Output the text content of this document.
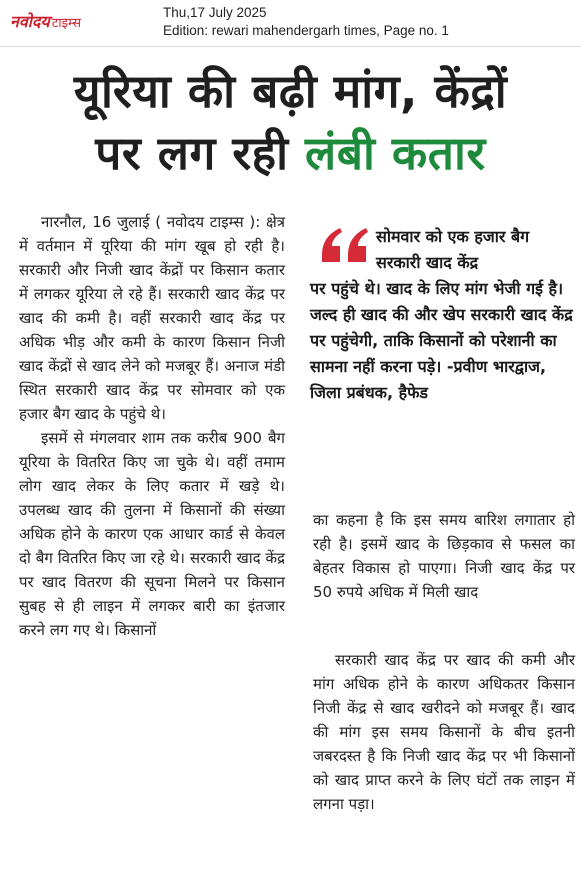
नवोदय टाइम्स
Thu,17 July 2025
Edition: rewari mahendergarh times, Page no. 1
यूरिया की बढ़ी मांग, केंद्रों
पर लग रही लंबी कतार

नारनौल, 16 जुलाई ( नवोदय टाइम्स ): क्षेत्र में वर्तमान में यूरिया की मांग खूब हो रही है। सरकारी और निजी खाद केंद्रों पर किसान कतार में लगकर यूरिया ले रहे हैं। सरकारी खाद केंद्र पर खाद की कमी है। वहीं सरकारी खाद केंद्र पर अधिक भीड़ और कमी के कारण किसान निजी खाद केंद्रों से खाद लेने को मजबूर हैं। अनाज मंडी स्थित सरकारी खाद केंद्र पर सोमवार को एक हजार बैग खाद के पहुंचे थे।

इसमें से मंगलवार शाम तक करीब 900 बैग यूरिया के वितरित किए जा चुके थे। वहीं तमाम लोग खाद लेकर के लिए कतार में खड़े थे। उपलब्ध खाद की तुलना में किसानों की संख्या अधिक होने के कारण एक आधार कार्ड से केवल दो बैग वितरित किए जा रहे थे। सरकारी खाद केंद्र पर खाद वितरण की सूचना मिलने पर किसान सुबह से ही लाइन में लगकर बारी का इंतजार करने लग गए थे। किसानों

सोमवार को एक हजार बैग सरकारी खाद केंद्र
पर पहुंचे थे। खाद के लिए मांग भेजी गई है। जल्द ही खाद की और खेप सरकारी खाद केंद्र पर पहुंचेगी, ताकि किसानों को परेशानी का सामना नहीं करना पड़े। -प्रवीण भारद्वाज, जिला प्रबंधक, हैफेड

का कहना है कि इस समय बारिश लगातार हो रही है। इसमें खाद के छिड़काव से फसल का बेहतर विकास हो पाएगा। निजी खाद केंद्र पर 50 रुपये अधिक में मिली खाद

सरकारी खाद केंद्र पर खाद की कमी और मांग अधिक होने के कारण अधिकतर किसान निजी केंद्र से खाद खरीदने को मजबूर हैं। खाद की मांग इस समय किसानों के बीच इतनी जबरदस्त है कि निजी खाद केंद्र पर भी किसानों को खाद प्राप्त करने के लिए घंटों तक लाइन में लगना पड़ा।
